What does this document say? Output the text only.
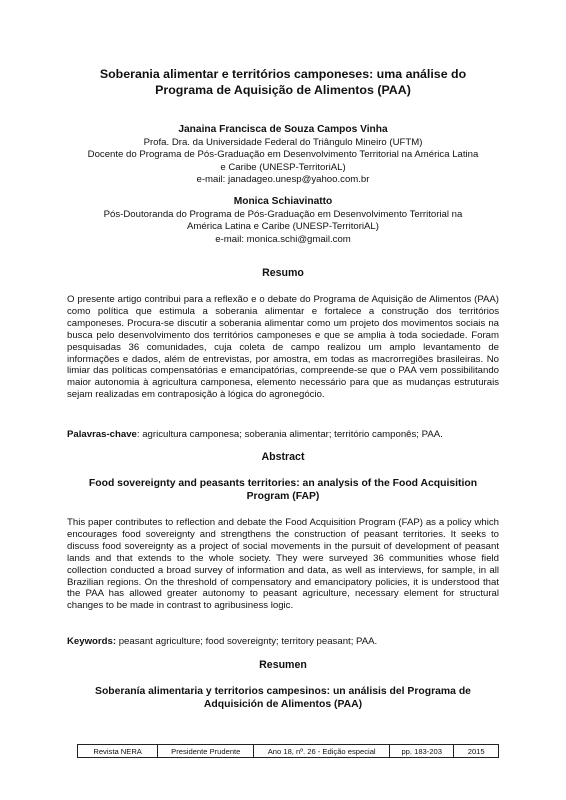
Soberania alimentar e territórios camponeses: uma análise do
Programa de Aquisição de Alimentos (PAA)
Janaina Francisca de Souza Campos Vinha
Profa. Dra. da Universidade Federal do Triângulo Mineiro (UFTM)
Docente do Programa de Pós-Graduação em Desenvolvimento Territorial na América Latina
e Caribe (UNESP-TerritoriAL)
e-mail: janadageo.unesp@yahoo.com.br
Monica Schiavinatto
Pós-Doutoranda do Programa de Pós-Graduação em Desenvolvimento Territorial na
América Latina e Caribe (UNESP-TerritoriAL)
e-mail: monica.schi@gmail.com
Resumo
O presente artigo contribui para a reflexão e o debate do Programa de Aquisição de Alimentos (PAA) como política que estimula a soberania alimentar e fortalece a construção dos territórios camponeses. Procura-se discutir a soberania alimentar como um projeto dos movimentos sociais na busca pelo desenvolvimento dos territórios camponeses e que se amplia à toda sociedade. Foram pesquisadas 36 comunidades, cuja coleta de campo realizou um amplo levantamento de informações e dados, além de entrevistas, por amostra, em todas as macrorregiões brasileiras. No limiar das políticas compensatórias e emancipatórias, compreende-se que o PAA vem possibilitando maior autonomia à agricultura camponesa, elemento necessário para que as mudanças estruturais sejam realizadas em contraposição à lógica do agronegócio.
Palavras-chave: agricultura camponesa; soberania alimentar; território camponês; PAA.
Abstract
Food sovereignty and peasants territories: an analysis of the Food Acquisition
Program (FAP)
This paper contributes to reflection and debate the Food Acquisition Program (FAP) as a policy which encourages food sovereignty and strengthens the construction of peasant territories. It seeks to discuss food sovereignty as a project of social movements in the pursuit of development of peasant lands and that extends to the whole society. They were surveyed 36 communities whose field collection conducted a broad survey of information and data, as well as interviews, for sample, in all Brazilian regions. On the threshold of compensatory and emancipatory policies, it is understood that the PAA has allowed greater autonomy to peasant agriculture, necessary element for structural changes to be made in contrast to agribusiness logic.
Keywords: peasant agriculture; food sovereignty; territory peasant; PAA.
Resumen
Soberanía alimentaria y territorios campesinos: un análisis del Programa de
Adquisición de Alimentos (PAA)
Revista NERA	Presidente Prudente	Ano 18, nº. 26 - Edição especial	pp. 183-203	2015
